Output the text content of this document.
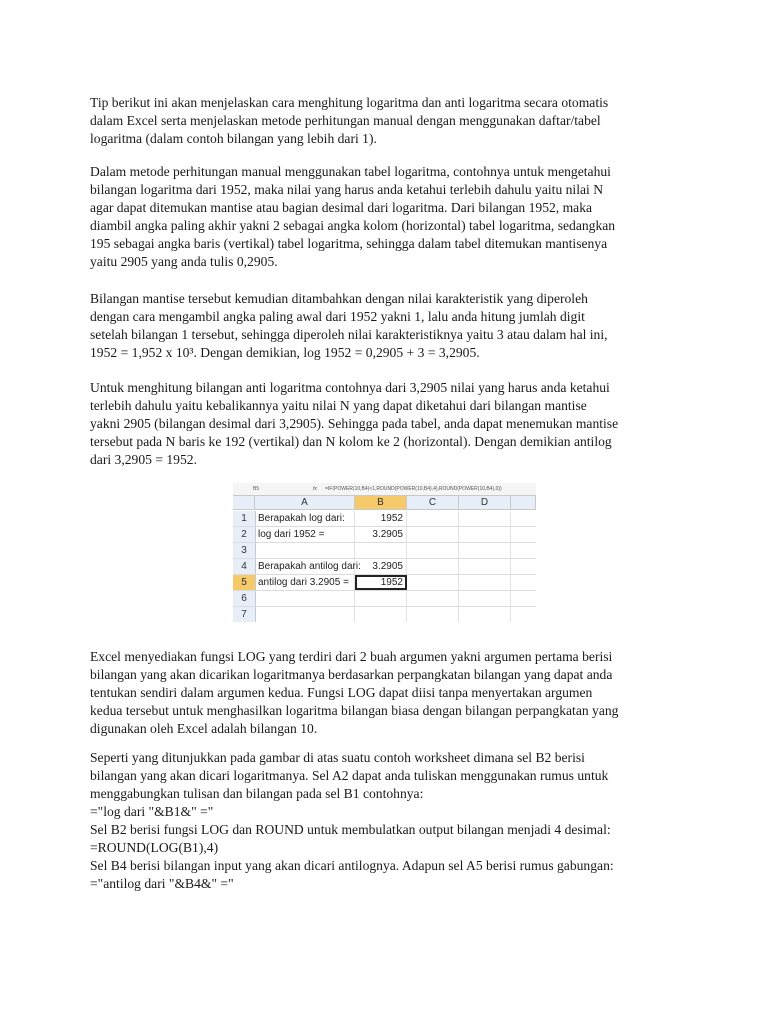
Tip berikut ini akan menjelaskan cara menghitung logaritma dan anti logaritma secara otomatis
dalam Excel serta menjelaskan metode perhitungan manual dengan menggunakan daftar/tabel
logaritma (dalam contoh bilangan yang lebih dari 1).
Dalam metode perhitungan manual menggunakan tabel logaritma, contohnya untuk mengetahui
bilangan logaritma dari 1952, maka nilai yang harus anda ketahui terlebih dahulu yaitu nilai N
agar dapat ditemukan mantise atau bagian desimal dari logaritma. Dari bilangan 1952, maka
diambil angka paling akhir yakni 2 sebagai angka kolom (horizontal) tabel logaritma, sedangkan
195 sebagai angka baris (vertikal) tabel logaritma, sehingga dalam tabel ditemukan mantisenya
yaitu 2905 yang anda tulis 0,2905.
Bilangan mantise tersebut kemudian ditambahkan dengan nilai karakteristik yang diperoleh
dengan cara mengambil angka paling awal dari 1952 yakni 1, lalu anda hitung jumlah digit
setelah bilangan 1 tersebut, sehingga diperoleh nilai karakteristiknya yaitu 3 atau dalam hal ini,
1952 = 1,952 x 10³. Dengan demikian, log 1952 = 0,2905 + 3 = 3,2905.
Untuk menghitung bilangan anti logaritma contohnya dari 3,2905 nilai yang harus anda ketahui
terlebih dahulu yaitu kebalikannya yaitu nilai N yang dapat diketahui dari bilangan mantise
yakni 2905 (bilangan desimal dari 3,2905). Sehingga pada tabel, anda dapat menemukan mantise
tersebut pada N baris ke 192 (vertikal) dan N kolom ke 2 (horizontal). Dengan demikian antilog
dari 3,2905 = 1952.
B5	fx =IF(POWER(10,B4)<1,ROUND(POWER(10,B4),4),ROUND(POWER(10,B4),0))
A	B	C	D
1	Berapakah log dari:	1952
2	log dari 1952 =	3.2905
3
4	Berapakah antilog dari:	3.2905
5	antilog dari 3.2905 =	1952
6
7
Excel menyediakan fungsi LOG yang terdiri dari 2 buah argumen yakni argumen pertama berisi
bilangan yang akan dicarikan logaritmanya berdasarkan perpangkatan bilangan yang dapat anda
tentukan sendiri dalam argumen kedua. Fungsi LOG dapat diisi tanpa menyertakan argumen
kedua tersebut untuk menghasilkan logaritma bilangan biasa dengan bilangan perpangkatan yang
digunakan oleh Excel adalah bilangan 10.
Seperti yang ditunjukkan pada gambar di atas suatu contoh worksheet dimana sel B2 berisi
bilangan yang akan dicari logaritmanya. Sel A2 dapat anda tuliskan menggunakan rumus untuk
menggabungkan tulisan dan bilangan pada sel B1 contohnya:
="log dari "&B1&" ="
Sel B2 berisi fungsi LOG dan ROUND untuk membulatkan output bilangan menjadi 4 desimal:
=ROUND(LOG(B1),4)
Sel B4 berisi bilangan input yang akan dicari antilognya. Adapun sel A5 berisi rumus gabungan:
="antilog dari "&B4&" ="
